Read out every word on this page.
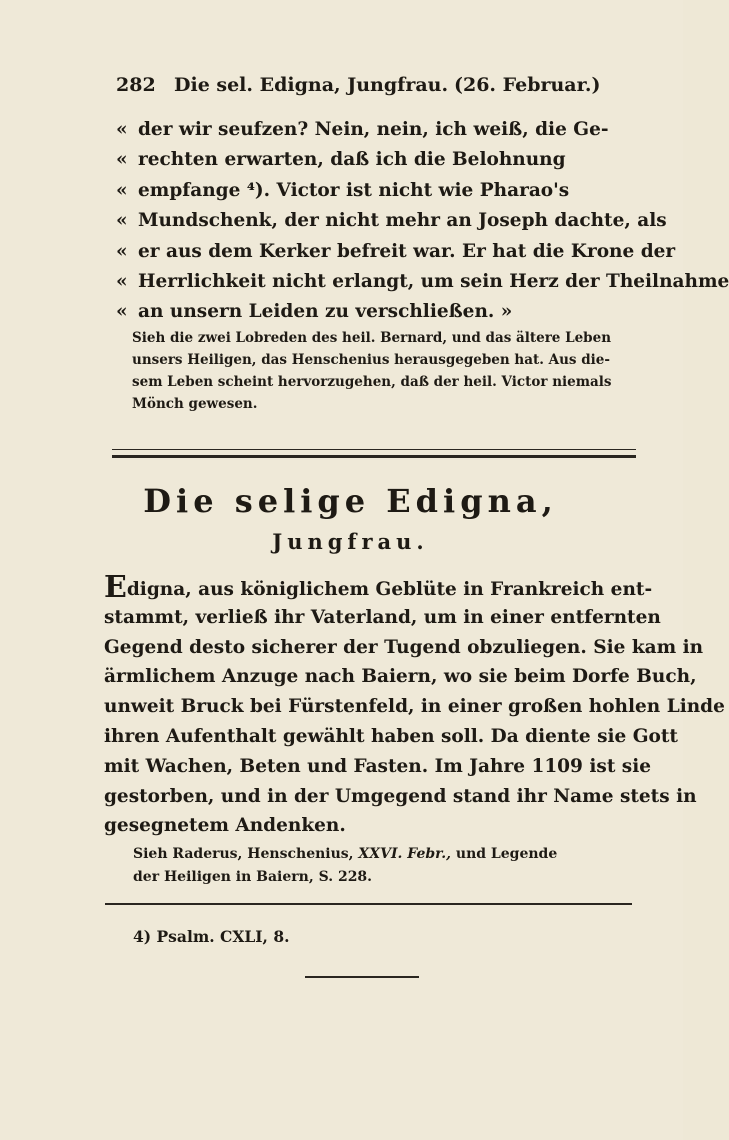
282 Die sel. Edigna, Jungfrau. (26. Februar.)
« der wir seufzen? Nein, nein, ich weiß, die Ge-
« rechten erwarten, daß ich die Belohnung
« empfange ⁴). Victor ist nicht wie Pharao's
« Mundschenk, der nicht mehr an Joseph dachte, als
« er aus dem Kerker befreit war. Er hat die Krone der
« Herrlichkeit nicht erlangt, um sein Herz der Theilnahme
« an unsern Leiden zu verschließen. »
Sieh die zwei Lobreden des heil. Bernard, und das ältere Leben
unsers Heiligen, das Henschenius herausgegeben hat. Aus die-
sem Leben scheint hervorzugehen, daß der heil. Victor niemals
Mönch gewesen.
Die selige Edigna,
Jungfrau.
Edigna, aus königlichem Geblüte in Frankreich ent-
stammt, verließ ihr Vaterland, um in einer entfernten
Gegend desto sicherer der Tugend obzuliegen. Sie kam in
ärmlichem Anzuge nach Baiern, wo sie beim Dorfe Buch,
unweit Bruck bei Fürstenfeld, in einer großen hohlen Linde
ihren Aufenthalt gewählt haben soll. Da diente sie Gott
mit Wachen, Beten und Fasten. Im Jahre 1109 ist sie
gestorben, und in der Umgegend stand ihr Name stets in
gesegnetem Andenken.
Sieh Raderus, Henschenius, XXVI. Febr., und Legende
der Heiligen in Baiern, S. 228.
4) Psalm. CXLI, 8.
